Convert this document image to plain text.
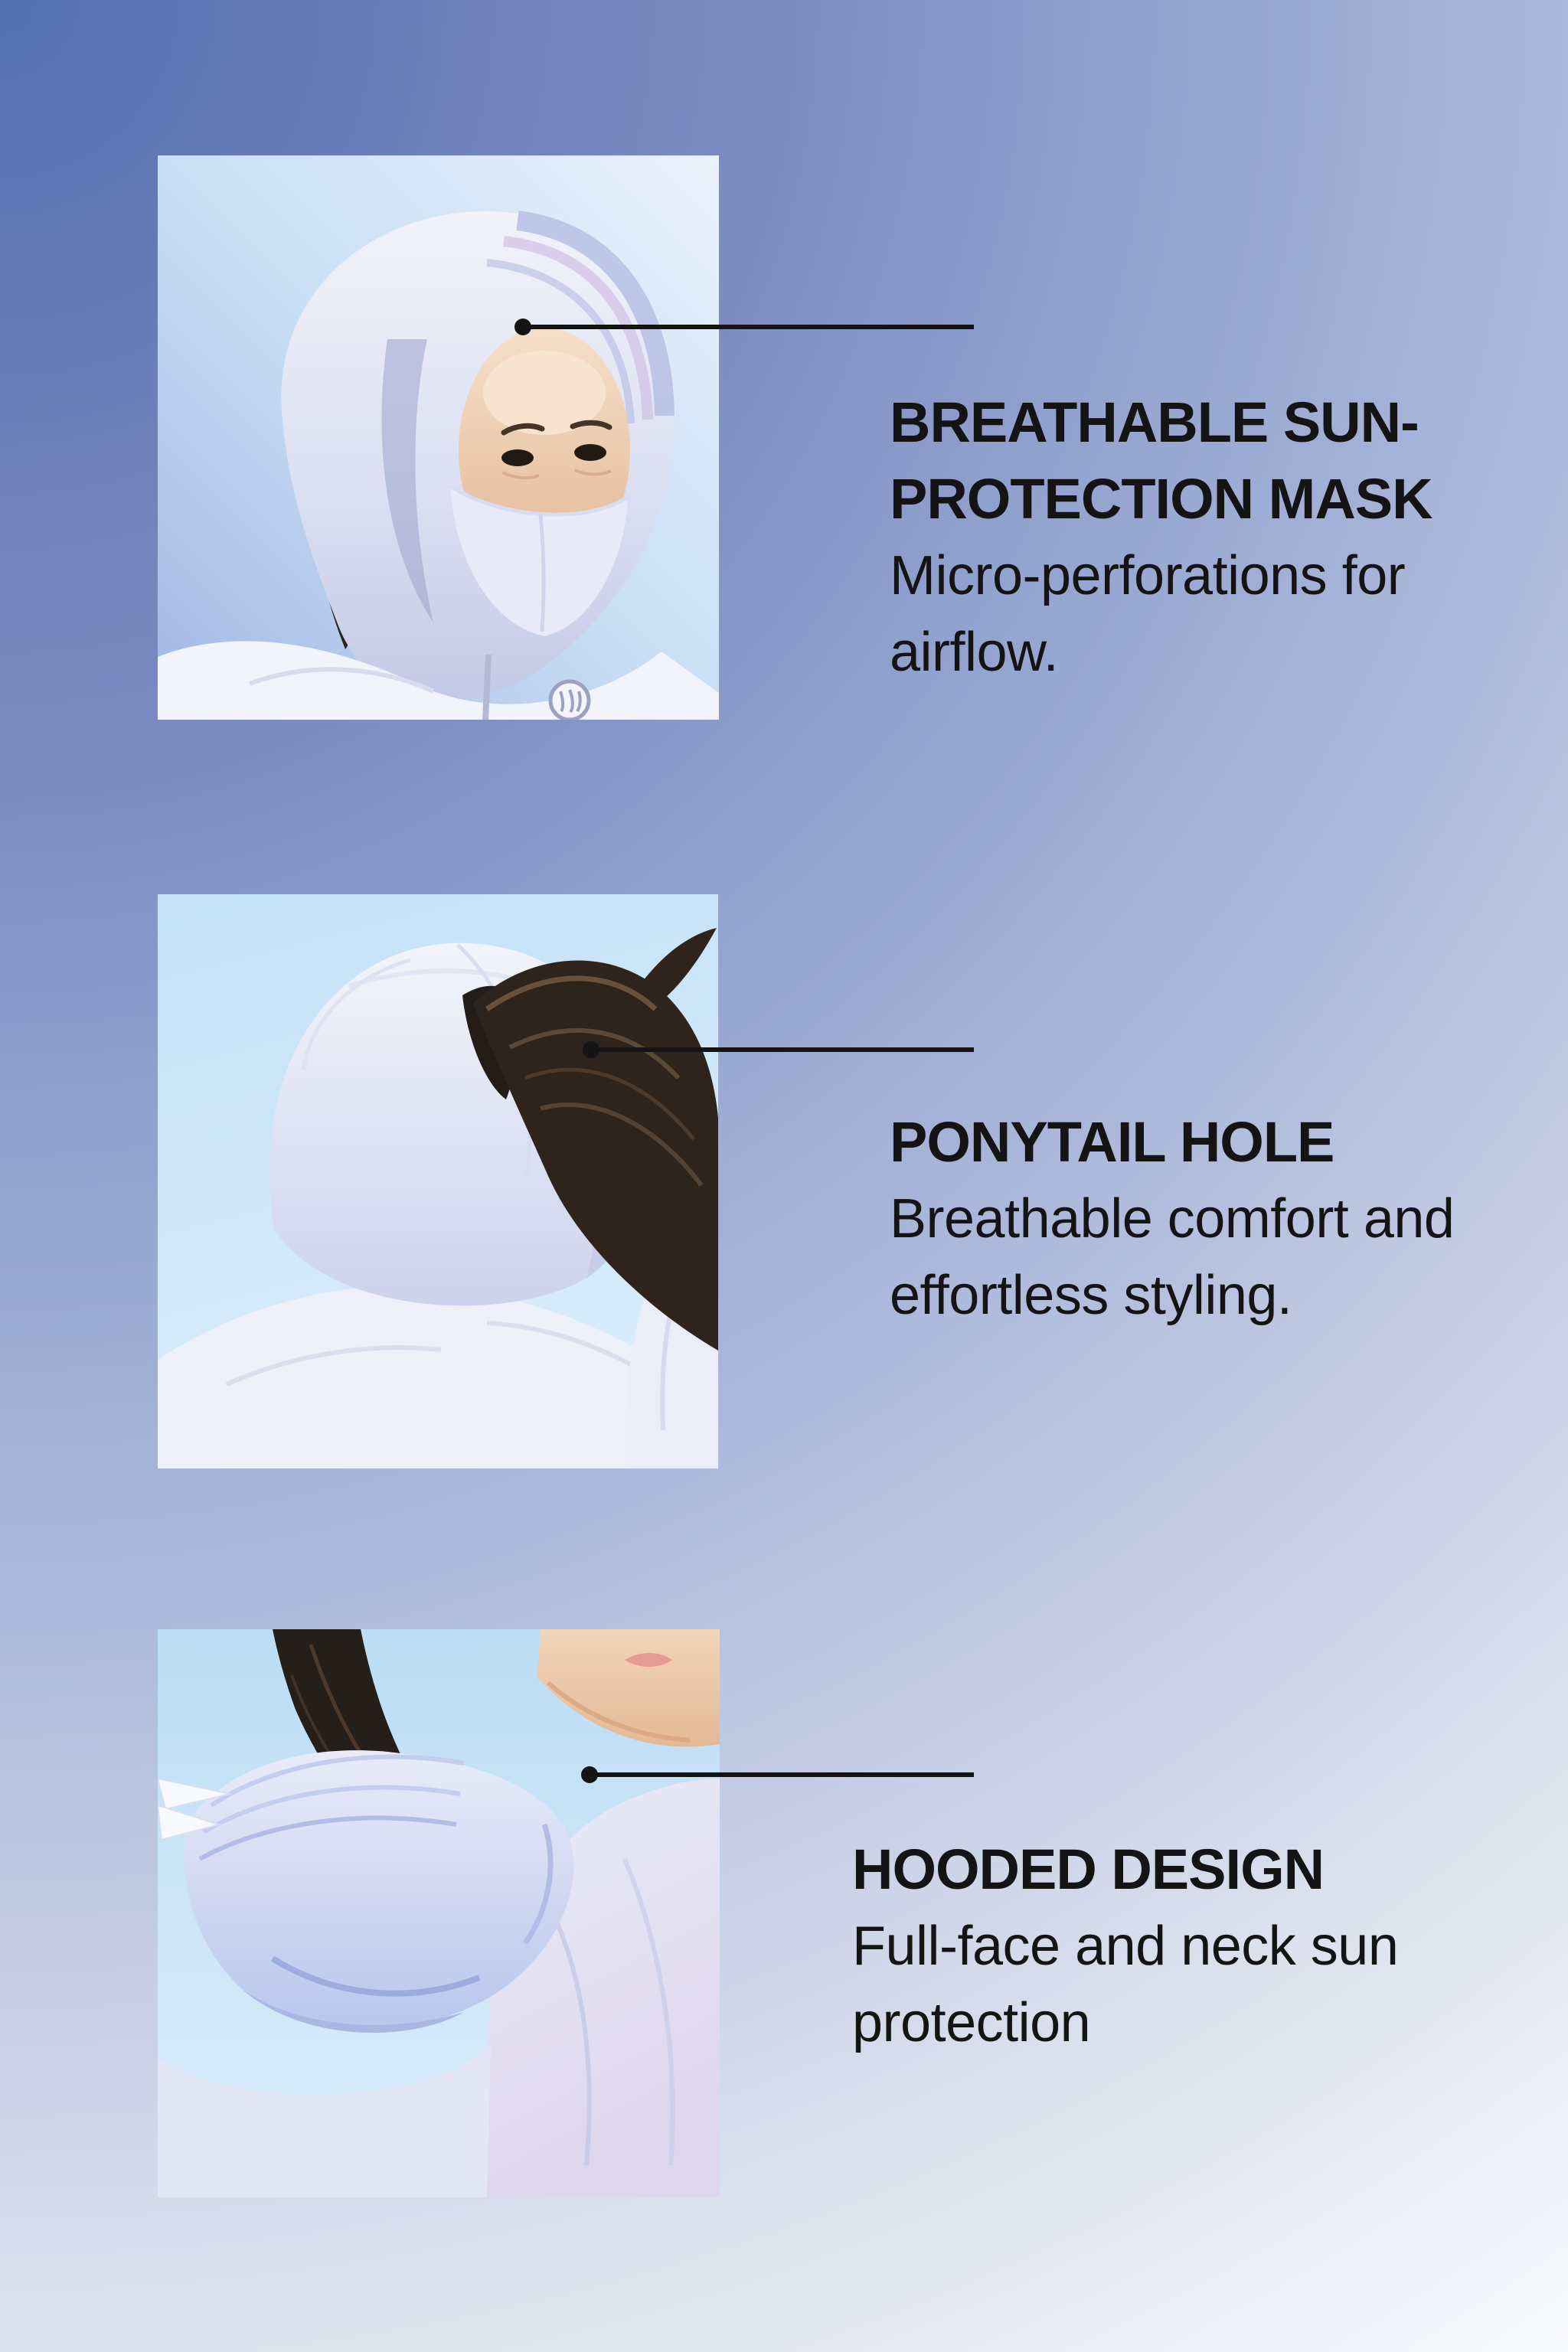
BREATHABLE SUN-
PROTECTION MASK
Micro-perforations for
airflow.
PONYTAIL HOLE
Breathable comfort and
effortless styling.
HOODED DESIGN
Full-face and neck sun
protection
